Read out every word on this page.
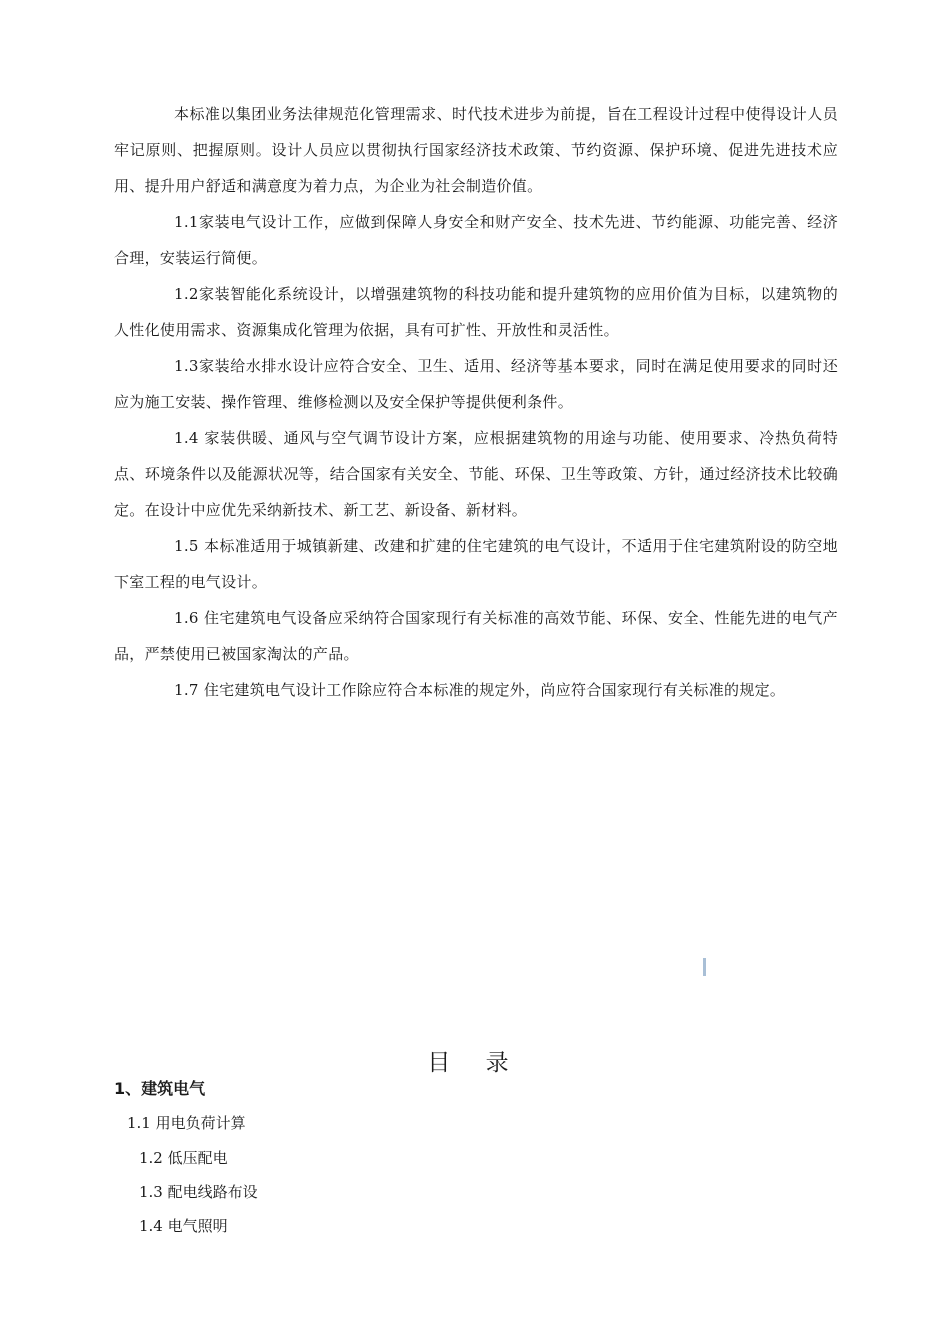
本标准以集团业务法律规范化管理需求、时代技术进步为前提，旨在工程设计过程中使得设计人员牢记原则、把握原则。设计人员应以贯彻执行国家经济技术政策、节约资源、保护环境、促进先进技术应用、提升用户舒适和满意度为着力点，为企业为社会制造价值。

1.1家装电气设计工作，应做到保障人身安全和财产安全、技术先进、节约能源、功能完善、经济合理，安装运行简便。

1.2家装智能化系统设计，以增强建筑物的科技功能和提升建筑物的应用价值为目标，以建筑物的人性化使用需求、资源集成化管理为依据，具有可扩性、开放性和灵活性。

1.3家装给水排水设计应符合安全、卫生、适用、经济等基本要求，同时在满足使用要求的同时还应为施工安装、操作管理、维修检测以及安全保护等提供便利条件。

1.4 家装供暖、通风与空气调节设计方案，应根据建筑物的用途与功能、使用要求、冷热负荷特点、环境条件以及能源状况等，结合国家有关安全、节能、环保、卫生等政策、方针，通过经济技术比较确定。在设计中应优先采纳新技术、新工艺、新设备、新材料。

1.5 本标准适用于城镇新建、改建和扩建的住宅建筑的电气设计，不适用于住宅建筑附设的防空地下室工程的电气设计。

1.6 住宅建筑电气设备应采纳符合国家现行有关标准的高效节能、环保、安全、性能先进的电气产品，严禁使用已被国家淘汰的产品。

1.7 住宅建筑电气设计工作除应符合本标准的规定外，尚应符合国家现行有关标准的规定。

目 录

1、建筑电气

1.1 用电负荷计算

1.2 低压配电

1.3 配电线路布设

1.4 电气照明
